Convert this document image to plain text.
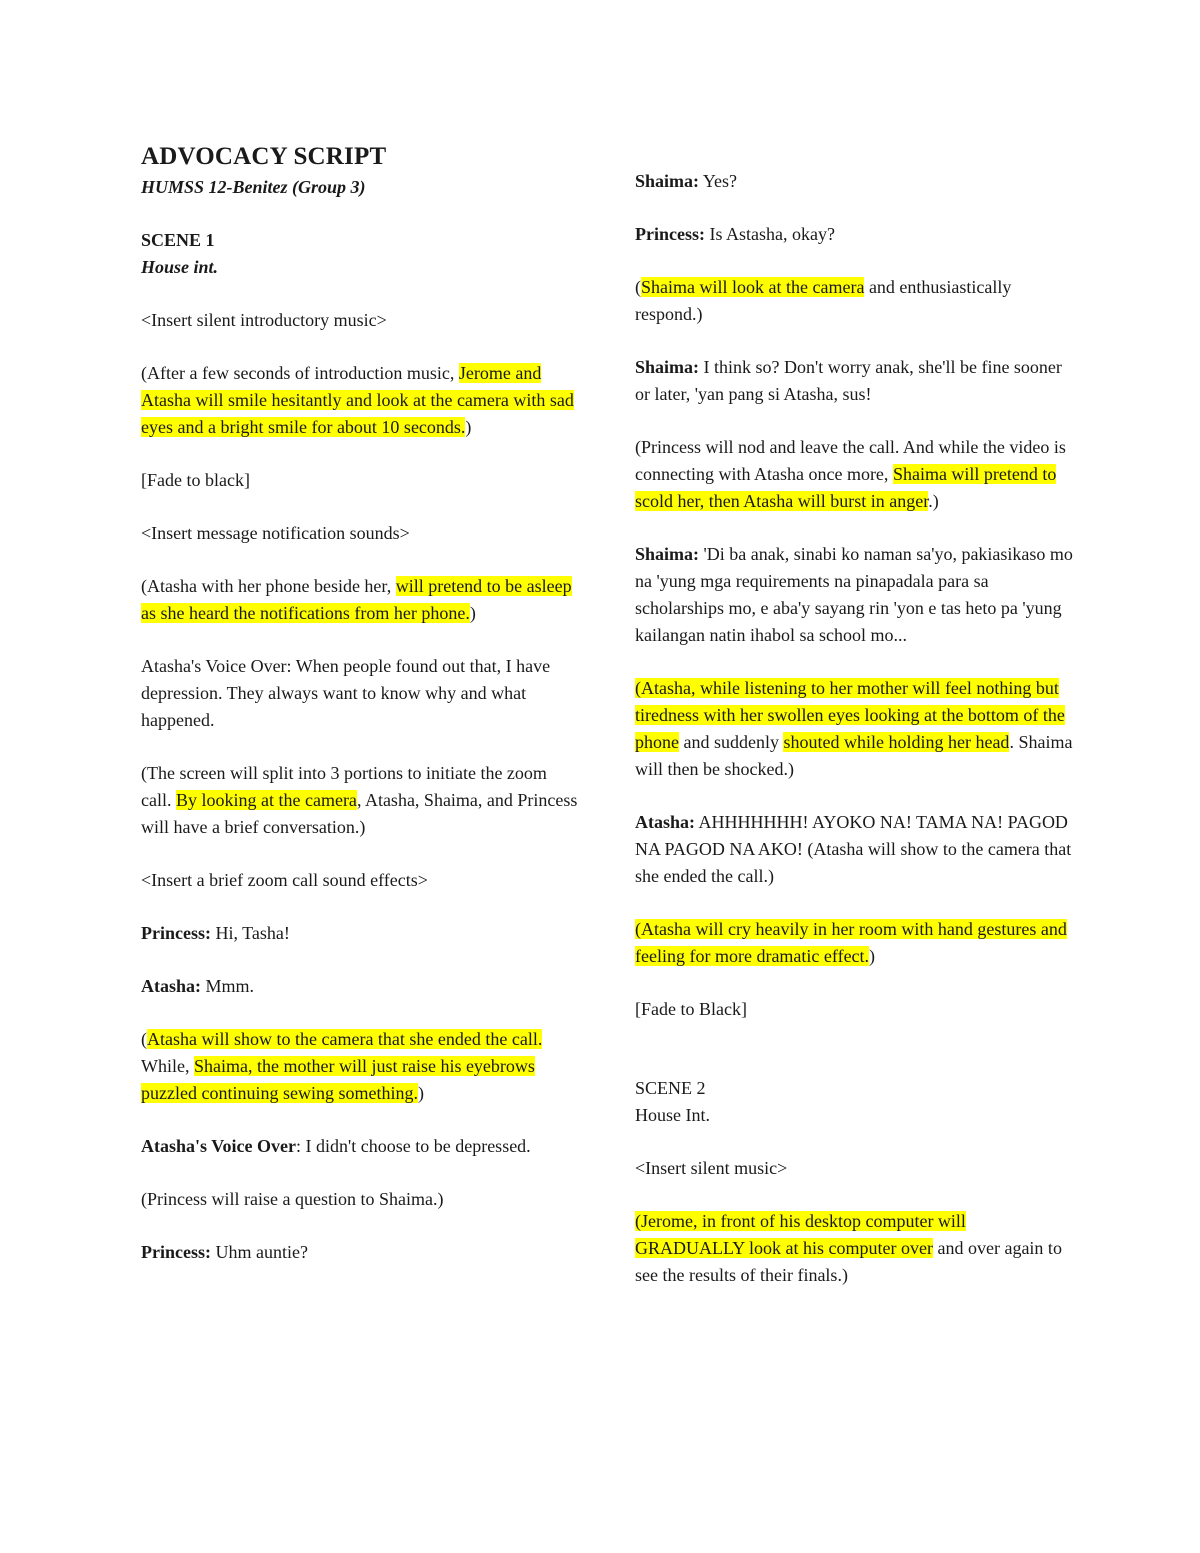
ADVOCACY SCRIPT

HUMSS 12-Benitez (Group 3)

SCENE 1

House int.

<Insert silent introductory music>

(After a few seconds of introduction music, Jerome and Atasha will smile hesitantly and look at the camera with sad eyes and a bright smile for about 10 seconds.)

[Fade to black]

<Insert message notification sounds>

(Atasha with her phone beside her, will pretend to be asleep as she heard the notifications from her phone.)

Atasha's Voice Over: When people found out that, I have depression. They always want to know why and what happened.

(The screen will split into 3 portions to initiate the zoom call. By looking at the camera, Atasha, Shaima, and Princess will have a brief conversation.)

<Insert a brief zoom call sound effects>

Princess: Hi, Tasha!

Atasha: Mmm.

(Atasha will show to the camera that she ended the call. While, Shaima, the mother will just raise his eyebrows puzzled continuing sewing something.)

Atasha's Voice Over: I didn't choose to be depressed.

(Princess will raise a question to Shaima.)

Princess: Uhm auntie?

Shaima: Yes?

Princess: Is Astasha, okay?

(Shaima will look at the camera and enthusiastically respond.)

Shaima: I think so? Don't worry anak, she'll be fine sooner or later, 'yan pang si Atasha, sus!

(Princess will nod and leave the call. And while the video is connecting with Atasha once more, Shaima will pretend to scold her, then Atasha will burst in anger.)

Shaima: 'Di ba anak, sinabi ko naman sa'yo, pakiasikaso mo na 'yung mga requirements na pinapadala para sa scholarships mo, e aba'y sayang rin 'yon e tas heto pa 'yung kailangan natin ihabol sa school mo...

(Atasha, while listening to her mother will feel nothing but tiredness with her swollen eyes looking at the bottom of the phone and suddenly shouted while holding her head. Shaima will then be shocked.)

Atasha: AHHHHHHH! AYOKO NA! TAMA NA! PAGOD NA PAGOD NA AKO! (Atasha will show to the camera that she ended the call.)

(Atasha will cry heavily in her room with hand gestures and feeling for more dramatic effect.)

[Fade to Black]

SCENE 2

House Int.

<Insert silent music>

(Jerome, in front of his desktop computer will GRADUALLY look at his computer over and over again to see the results of their finals.)
